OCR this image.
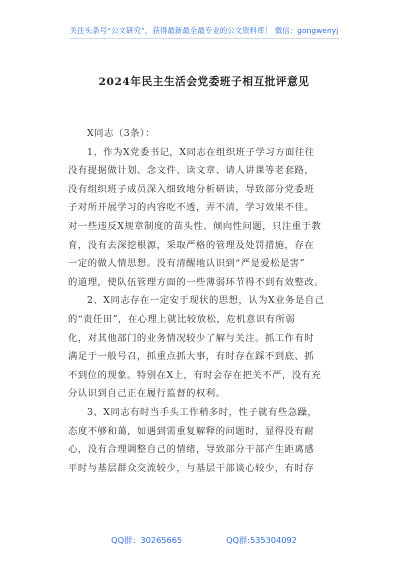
关注头条号“公文研究”，获得最新最全最专业的公文资料库！ 微信：gongwenyj
2024年民主生活会党委班子相互批评意见
X同志（3条）：
1、作为X党委书记，X同志在组织班子学习方面往往
没有提据做计划、念文件、读文章、请人讲课等老套路，
没有组织班子成员深入细致地分析研读，导致部分党委班
子对所开展学习的内容吃不透，弄不清，学习效果不佳。
对一些违反X规章制度的苗头性、倾向性问题，只注重于教
育，没有去深挖根源，采取严格的管理及处罚措施，存在
一定的做人情思想。没有清醒地认识到“严是爱松是害”
的道理，使队伍管理方面的一些薄弱环节得不到有效整改。
2、X同志存在一定安于现状的思想，认为X业务是自己
的“责任田”，在心理上就比较放松，危机意识有所弱
化，对其他部门的业务情况较少了解与关注。抓工作有时
满足于一般号召，抓重点抓大事，有时存在踩不到底、抓
不到位的现象。特别在X上，有时会存在把关不严，没有充
分认识到自己正在履行监督的权利。
3、X同志有时当手头工作稍多时，性子就有些急躁，
态度不够和蔼，如遇到需重复解释的问题时，显得没有耐
心，没有合理调整自己的情绪，导致部分干部产生距离感
平时与基层群众交流较少，与基层干部谈心较少，有时存
QQ群：30265665	QQ群:535304092
